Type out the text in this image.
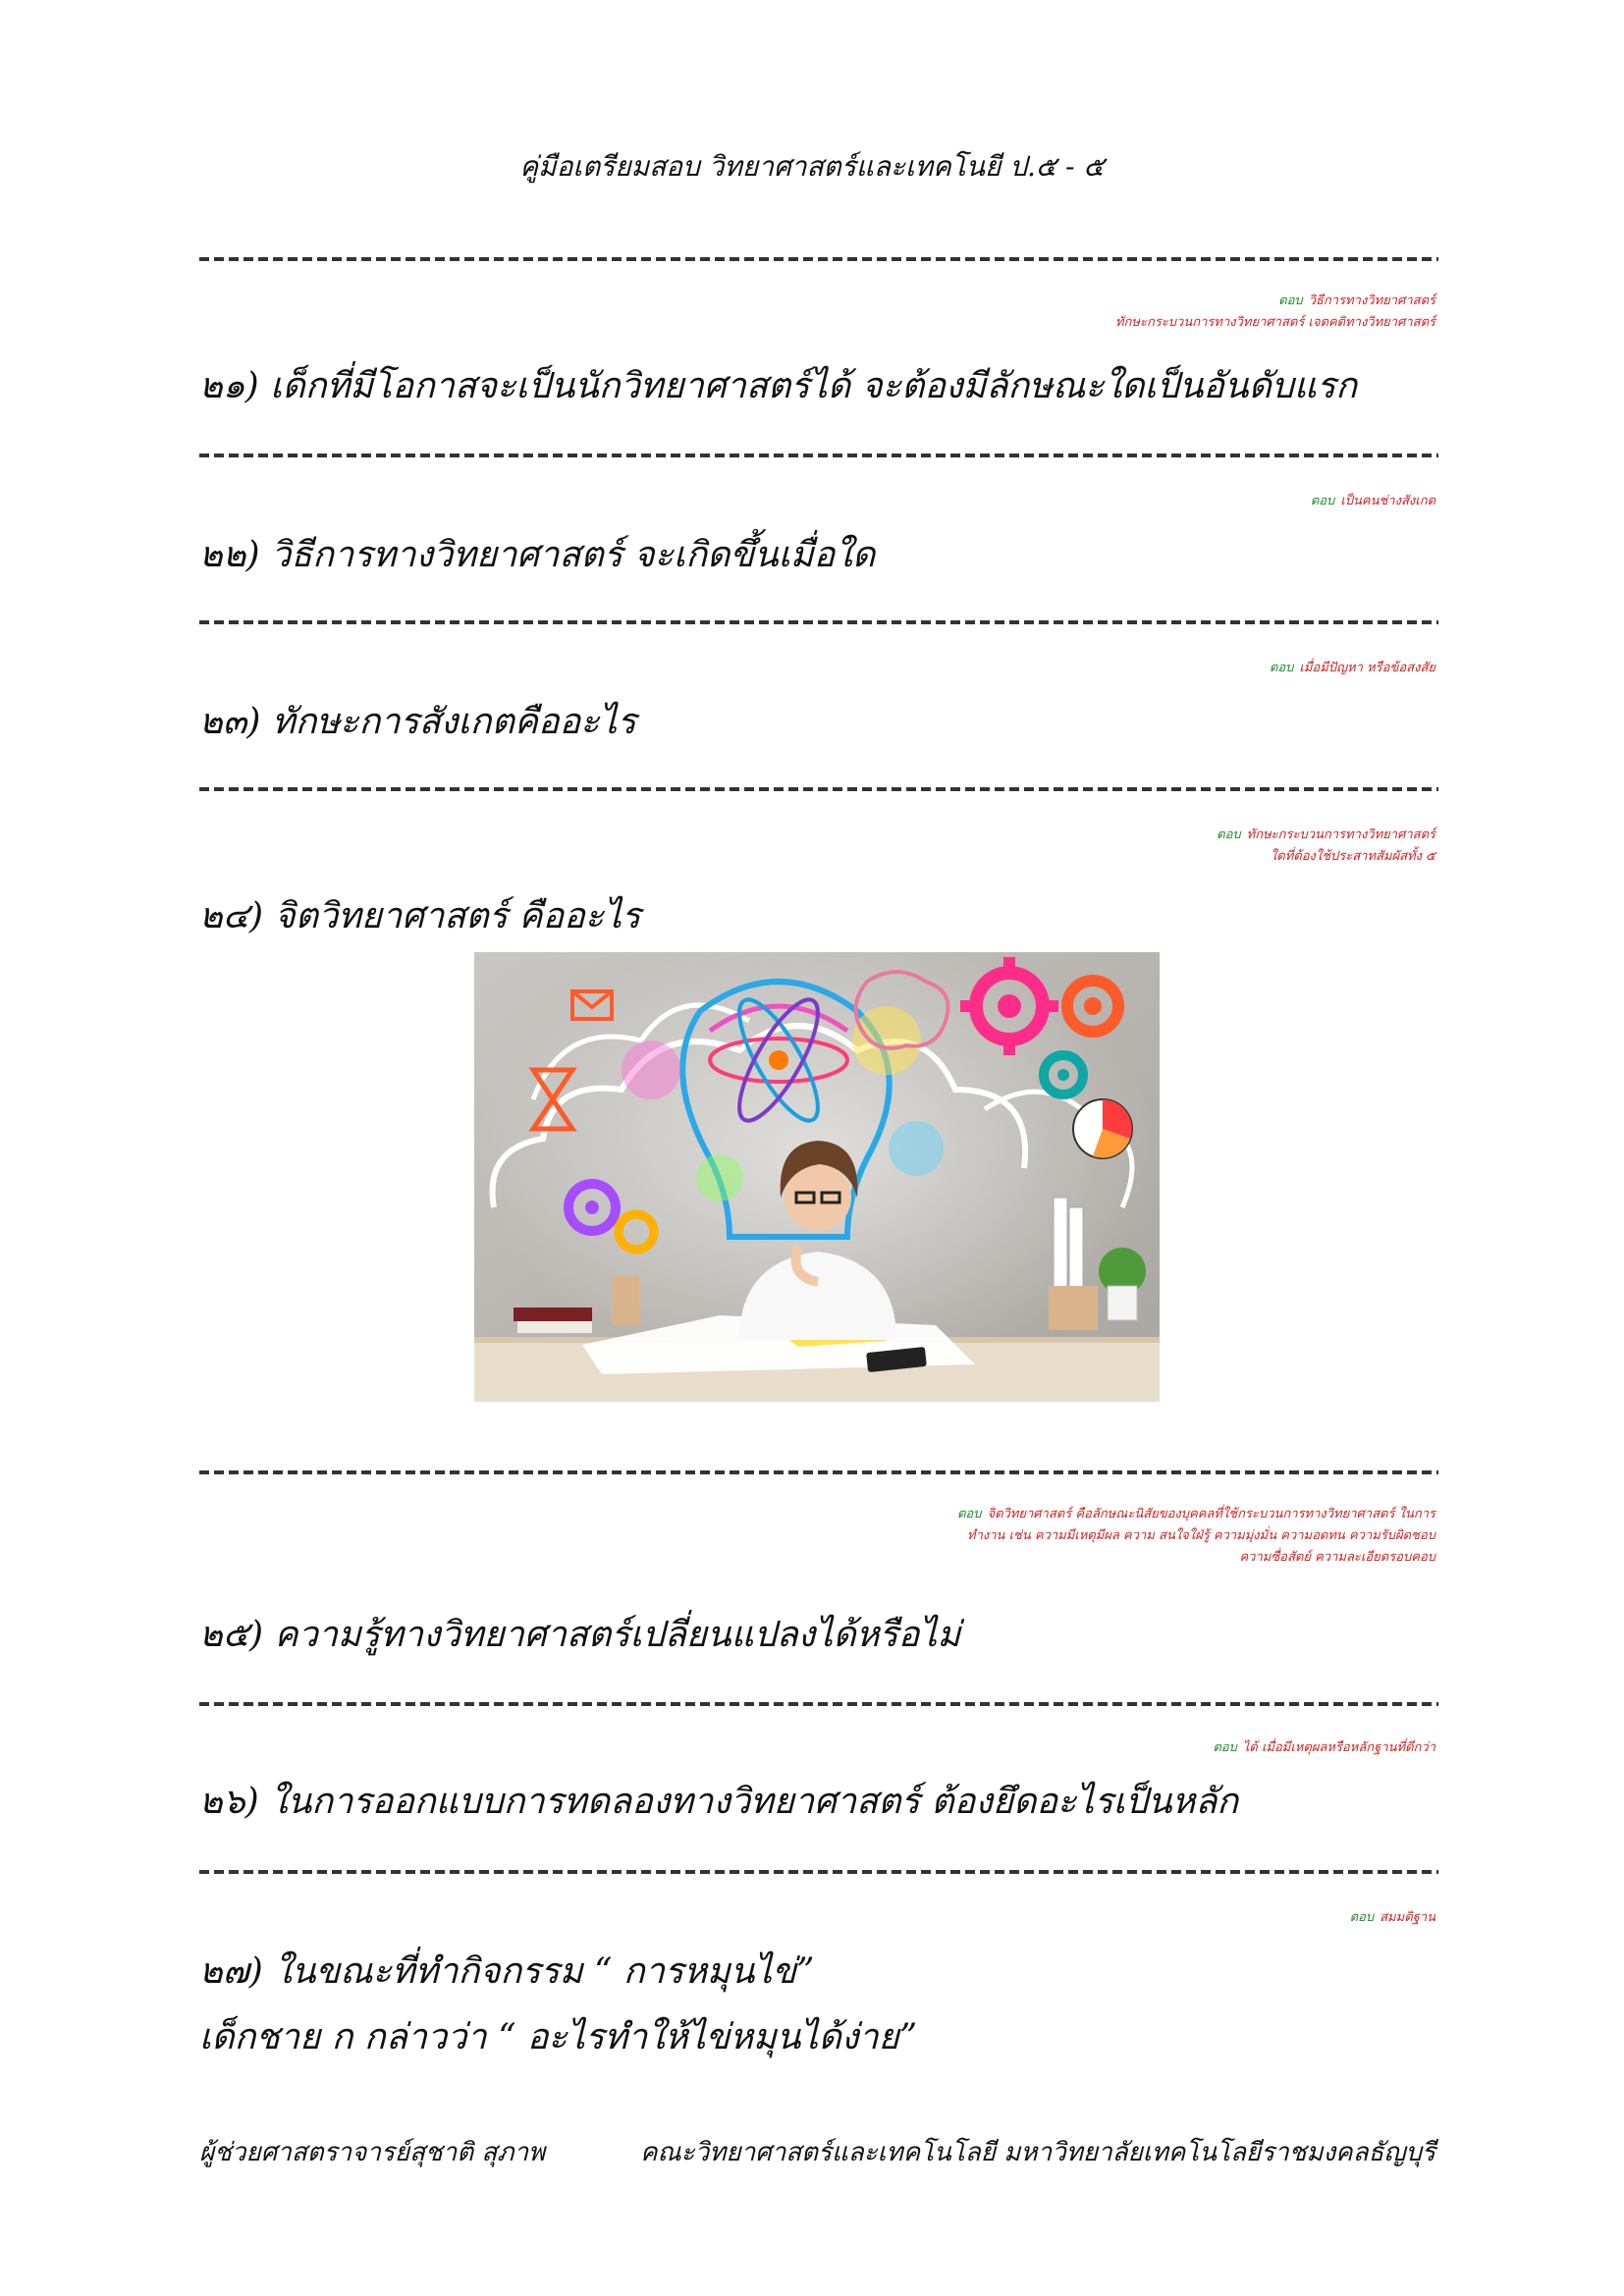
คู่มือเตรียมสอบ วิทยาศาสตร์และเทคโนยี ป.๕ - ๕
ตอบ วิธีการทางวิทยาศาสตร์
ทักษะกระบวนการทางวิทยาศาสตร์ เจตคติทางวิทยาศาสตร์
๒๑) เด็กที่มีโอกาสจะเป็นนักวิทยาศาสตร์ได้ จะต้องมีลักษณะใดเป็นอันดับแรก
ตอบ เป็นคนช่างสังเกต
๒๒) วิธีการทางวิทยาศาสตร์ จะเกิดขึ้นเมื่อใด
ตอบ เมื่อมีปัญหา หรือข้อสงสัย
๒๓) ทักษะการสังเกตคืออะไร
ตอบ ทักษะกระบวนการทางวิทยาศาสตร์
ใดที่ต้องใช้ประสาทสัมผัสทั้ง ๕
๒๔) จิตวิทยาศาสตร์ คืออะไร
ตอบ จิตวิทยาศาสตร์ คือลักษณะนิสัยของบุคคลที่ใช้กระบวนการทางวิทยาศาสตร์ ในการ
ทำงาน เช่น ความมีเหตุมีผล ความ สนใจใฝ่รู้ ความมุ่งมั่น ความอดทน ความรับผิดชอบ
ความซื่อสัตย์ ความละเอียดรอบคอบ
๒๕) ความรู้ทางวิทยาศาสตร์เปลี่ยนแปลงได้หรือไม่
ตอบ ได้ เมื่อมีเหตุผลหรือหลักฐานที่ดีกว่า
๒๖) ในการออกแบบการทดลองทางวิทยาศาสตร์ ต้องยึดอะไรเป็นหลัก
ตอบ สมมติฐาน
๒๗) ในขณะที่ทำกิจกรรม “ การหมุนไข่”
เด็กชาย ก กล่าวว่า “ อะไรทำให้ไข่หมุนได้ง่าย”
ผู้ช่วยศาสตราจารย์สุชาติ สุภาพ	คณะวิทยาศาสตร์และเทคโนโลยี มหาวิทยาลัยเทคโนโลยีราชมงคลธัญบุรี
